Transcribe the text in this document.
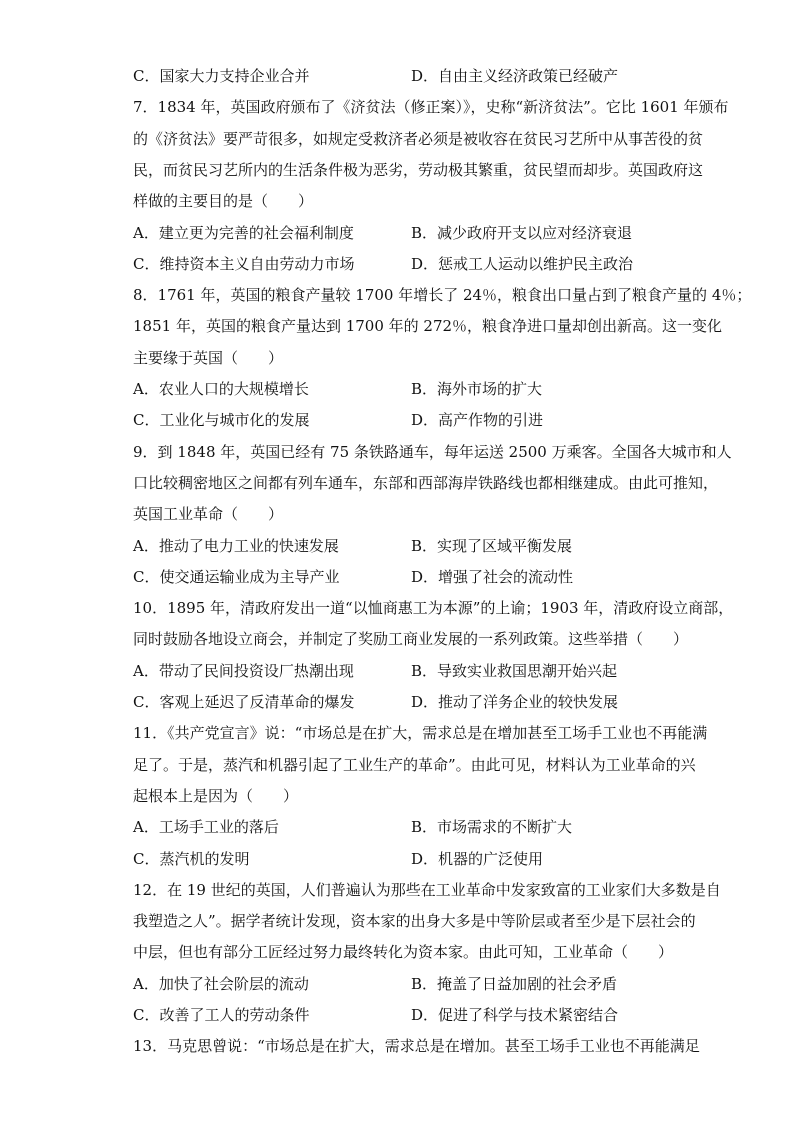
C．国家大力支持企业合并	D．自由主义经济政策已经破产
7．1834 年，英国政府颁布了《济贫法（修正案）》，史称“新济贫法”。它比 1601 年颁布
的《济贫法》要严苛很多，如规定受救济者必须是被收容在贫民习艺所中从事苦役的贫
民，而贫民习艺所内的生活条件极为恶劣，劳动极其繁重，贫民望而却步。英国政府这
样做的主要目的是（　　）
A．建立更为完善的社会福利制度	B．减少政府开支以应对经济衰退
C．维持资本主义自由劳动力市场	D．惩戒工人运动以维护民主政治
8．1761 年，英国的粮食产量较 1700 年增长了 24％，粮食出口量占到了粮食产量的 4％；
1851 年，英国的粮食产量达到 1700 年的 272％，粮食净进口量却创出新高。这一变化
主要缘于英国（　　）
A．农业人口的大规模增长	B．海外市场的扩大
C．工业化与城市化的发展	D．高产作物的引进
9．到 1848 年，英国已经有 75 条铁路通车，每年运送 2500 万乘客。全国各大城市和人
口比较稠密地区之间都有列车通车，东部和西部海岸铁路线也都相继建成。由此可推知，
英国工业革命（　　）
A．推动了电力工业的快速发展	B．实现了区域平衡发展
C．使交通运输业成为主导产业	D．增强了社会的流动性
10．1895 年，清政府发出一道“以恤商惠工为本源”的上谕；1903 年，清政府设立商部，
同时鼓励各地设立商会，并制定了奖励工商业发展的一系列政策。这些举措（　　）
A．带动了民间投资设厂热潮出现	B．导致实业救国思潮开始兴起
C．客观上延迟了反清革命的爆发	D．推动了洋务企业的较快发展
11．《共产党宣言》说：“市场总是在扩大，需求总是在增加甚至工场手工业也不再能满
足了。于是，蒸汽和机器引起了工业生产的革命”。由此可见，材料认为工业革命的兴
起根本上是因为（　　）
A．工场手工业的落后	B．市场需求的不断扩大
C．蒸汽机的发明	D．机器的广泛使用
12．在 19 世纪的英国，人们普遍认为那些在工业革命中发家致富的工业家们大多数是自
我塑造之人”。据学者统计发现，资本家的出身大多是中等阶层或者至少是下层社会的
中层，但也有部分工匠经过努力最终转化为资本家。由此可知，工业革命（　　）
A．加快了社会阶层的流动	B．掩盖了日益加剧的社会矛盾
C．改善了工人的劳动条件	D．促进了科学与技术紧密结合
13．马克思曾说：“市场总是在扩大，需求总是在增加。甚至工场手工业也不再能满足
